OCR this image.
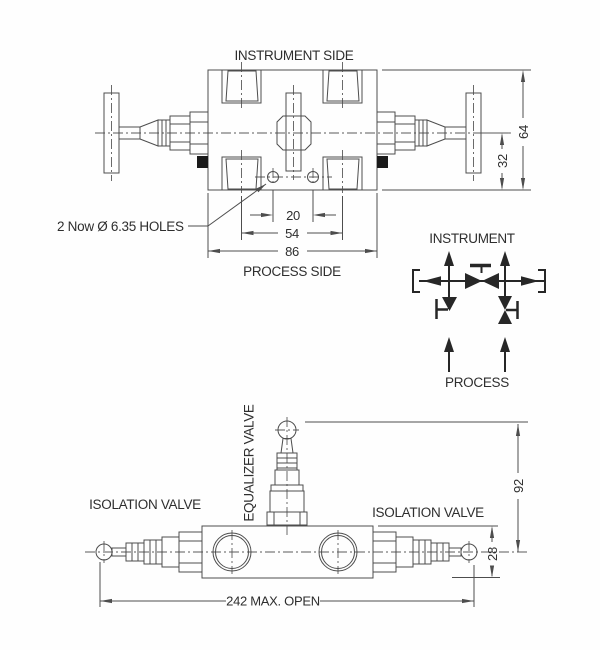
64
32
20
54
86
2 Now Ø 6.35 HOLES
INSTRUMENT SIDE
PROCESS SIDE
INSTRUMENT
PROCESS
242 MAX. OPEN
92
28
ISOLATION VALVE
ISOLATION VALVE
EQUALIZER VALVE
